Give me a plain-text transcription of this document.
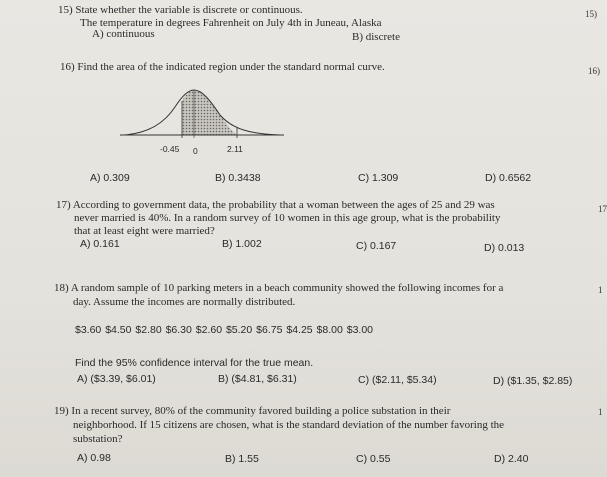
15) State whether the variable is discrete or continuous.
The temperature in degrees Fahrenheit on July 4th in Juneau, Alaska
A) continuous	B) discrete
15)
16) Find the area of the indicated region under the standard normal curve.	16)
-0.45 0	2.11
A) 0.309	B) 0.3438	C) 1.309	D) 0.6562
17) According to government data, the probability that a woman between the ages of 25 and 29 was
never married is 40%. In a random survey of 10 women in this age group, what is the probability
that at least eight were married?
17
A) 0.161	B) 1.002	C) 0.167	D) 0.013
18) A random sample of 10 parking meters in a beach community showed the following incomes for a
day. Assume the incomes are normally distributed.
1
$3.60 $4.50 $2.80 $6.30 $2.60 $5.20 $6.75 $4.25 $8.00 $3.00
Find the 95% confidence interval for the true mean.
A) ($3.39, $6.01)	B) ($4.81, $6.31)	C) ($2.11, $5.34)	D) ($1.35, $2.85)
19) In a recent survey, 80% of the community favored building a police substation in their
neighborhood. If 15 citizens are chosen, what is the standard deviation of the number favoring the
substation?
1
A) 0.98	B) 1.55	C) 0.55	D) 2.40
